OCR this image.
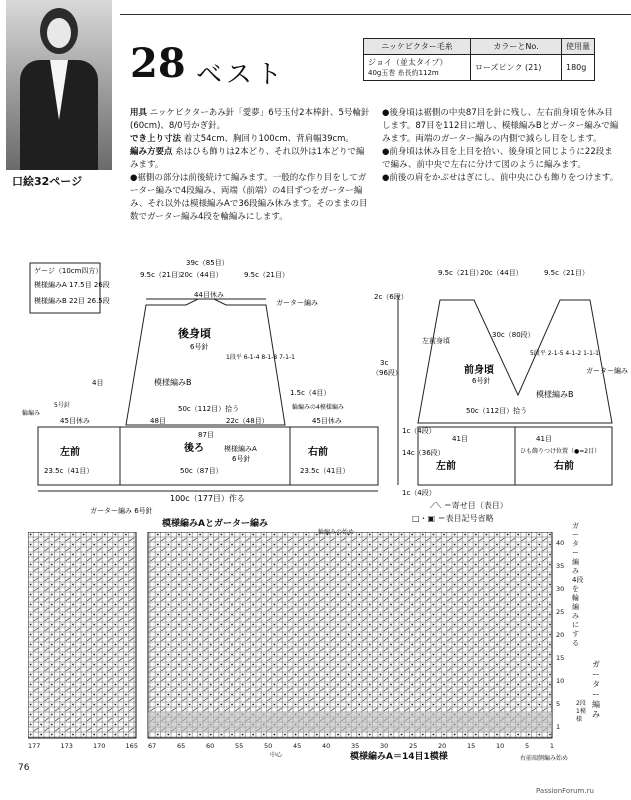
口絵32ページ
28 ベスト
ニッケビクター毛糸	カラーとNo.	使用量
ジョイ（並太タイプ）
40g玉巻 糸長約112m	ローズピンク (21)	180g
用具 ニッケビクターあみ針「愛夢」6号玉付2本棒針、5号輪針(60cm)、8/0号かぎ針。
でき上り寸法 着丈54cm、胸回り100cm、背肩幅39cm。
編み方要点 糸はひも飾りは2本どり、それ以外は1本どりで編みます。
●裾側の部分は前後続けて編みます。一般的な作り目をしてガーター編みで4段編み、両端（前端）の4目ずつをガーター編み、それ以外は模様編みAで36段編み休みます。そのままの目数でガーター編み4段を輪編みにします。
●後身頃は裾側の中央87目を針に残し、左右前身頃を休み目します。87目を112目に増し、模様編みBとガーター編みで編みます。両端のガーター編みの内側で減らし目をします。
●前身頃は休み目を上目を拾い、後身頃と同じように22段まで編み、前中央で左右に分けて図のように編みます。
●前後の肩をかぶせはぎにし、前中央にひも飾りをつけます。
ゲージ（10cm四方）
模様編みA 17.5目 26段
模様編みB 22目 26.5段
39c（85目）
9.5c（21目）
20c（44目）	9.5c（21目）
44目休み
ガーター編み
後身頃
6号針
模様編みB
1段平 6-1-4 8-1-8 7-1-1
50c（112目）拾う
48目	22c（48目）
1.5c（4目）
4目
87目
左前	後ろ	右前
模様編みA
6号針
23.5c（41目）	50c（87目）	23.5c（41目）
100c（177目）作る
ガーター編み 6号針
45目休み	45目休み
輪編み
輪編みの4模様編み
5号針
9.5c（21目）
20c（44目）	9.5c（21目）
2c（6段）
3c
（96段）
左前身頃
前身頃
6号針
模様編みB
30c（80段）
5段平 2-1-5 4-1-2 1-1-1
50c（112目）拾う
41目	41目
ひも飾りつけ位置（●=2目）
14c（36段）
1c（4段）
1c（4段）
ガーター編み
左前	右前
⟋⟍ ＝寄せ目（表目）
□・▣ ＝表目記号省略
模様編みAとガーター編み
40
35
30
25
20
15
10
5
1
ガーター編み 4段を輪編みにする
ガーター編み
2段 1模様
177	173	170	165 67	65	60	55	50	45	40	35	30	25	20	15	10	5	1
中心	模様編みA＝14目1模様	右前端側編み始め
76
PassionForum.ru
